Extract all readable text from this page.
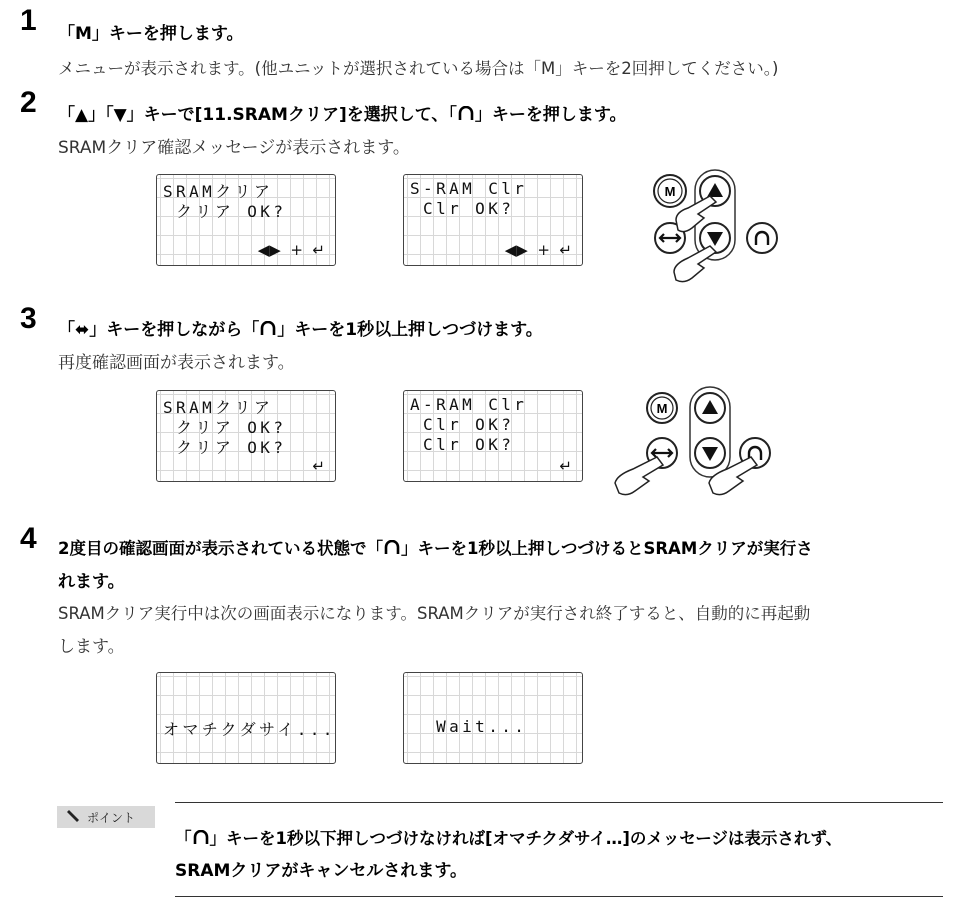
1 「M」キーを押します。
メニューが表示されます。(他ユニットが選択されている場合は「M」キーを2回押してください。)
2 「▲」「▼」キーで[11.SRAMクリア]を選択して、「 」キーを押します。
SRAMクリア確認メッセージが表示されます。
SRAMクリア
クリア OK?
◀▶  +  ↵
S-RAM Clr
Clr OK?
◀▶  +  ↵
M
3 「⬌」キーを押しながら「 」キーを1秒以上押しつづけます。
再度確認画面が表示されます。
SRAMクリア
クリア OK?
クリア OK?
↵
A-RAM Clr
Clr OK?
Clr OK?
↵
M
4 2度目の確認画面が表示されている状態で「 」キーを1秒以上押しつづけるとSRAMクリアが実行さ
れます。
SRAMクリア実行中は次の画面表示になります。SRAMクリアが実行され終了すると、自動的に再起動
します。
オマチクダサイ...	Wait...
ポイント
「 」キーを1秒以下押しつづけなければ[オマチクダサイ…]のメッセージは表示されず、
SRAMクリアがキャンセルされます。
